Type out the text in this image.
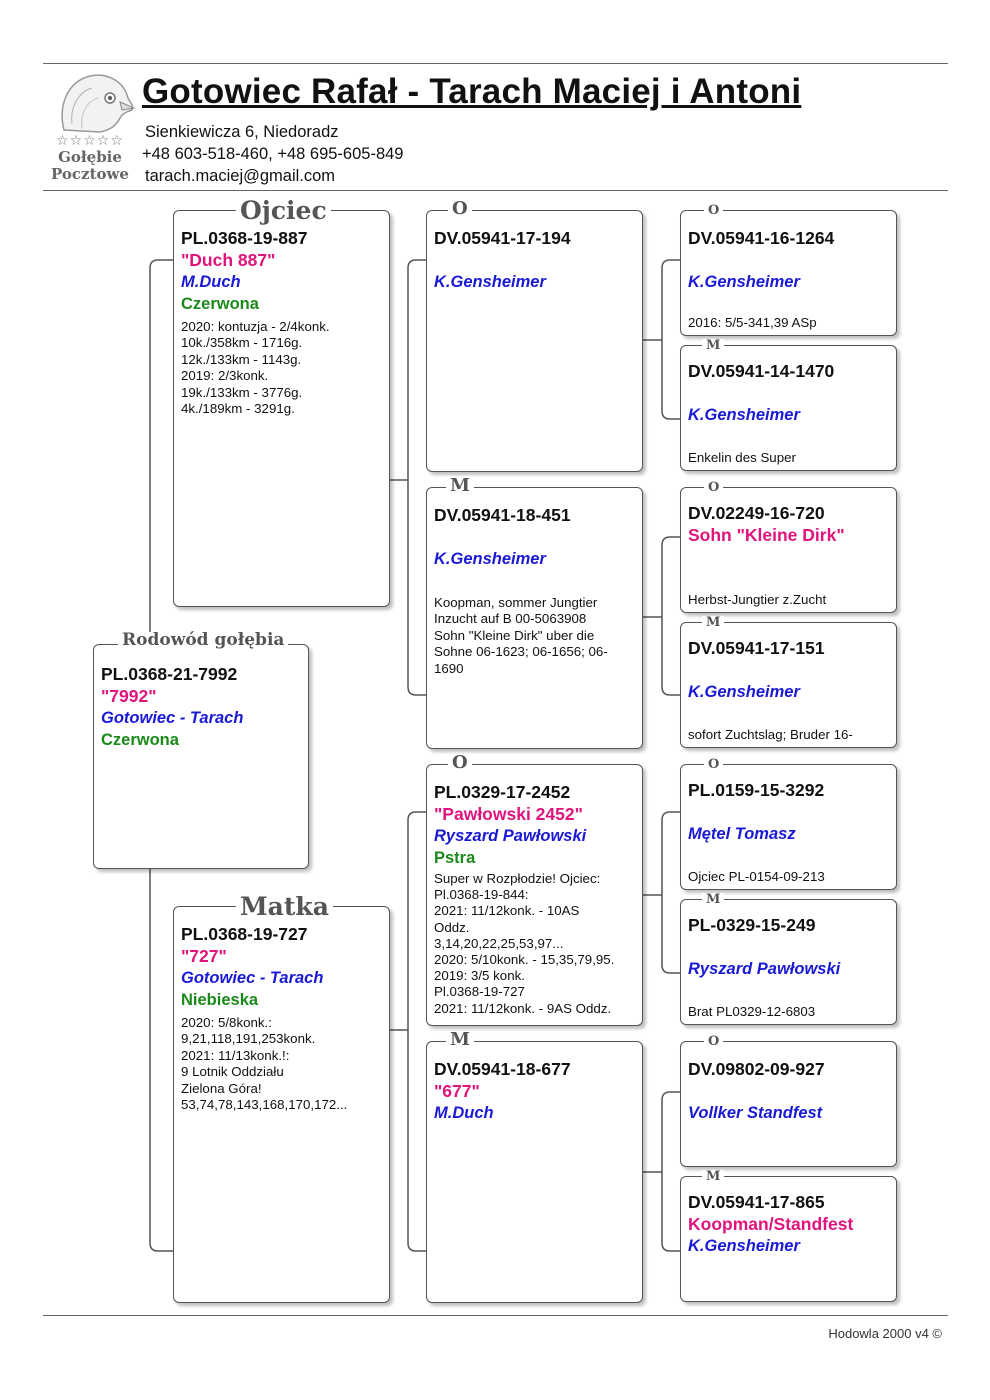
☆☆☆☆☆
Gołębie
Pocztowe
Gotowiec Rafał - Tarach Maciej i Antoni
Sienkiewicza 6, Niedoradz
+48 603-518-460, +48 695-605-849
tarach.maciej@gmail.com
PL.0368-21-7992
"7992"
Gotowiec - Tarach
Czerwona
Rodowód gołębia
PL.0368-19-887
"Duch 887"
M.Duch
Czerwona
2020: kontuzja - 2/4konk.
10k./358km - 1716g.
12k./133km - 1143g.
2019: 2/3konk.
19k./133km - 3776g.
4k./189km - 3291g.
Ojciec
PL.0368-19-727
"727"
Gotowiec - Tarach
Niebieska
2020: 5/8konk.:
9,21,118,191,253konk.
2021: 11/13konk.!:
9 Lotnik Oddziału
Zielona Góra!
53,74,78,143,168,170,172...
Matka
DV.05941-17-194
K.Gensheimer
O
DV.05941-18-451
K.Gensheimer
Koopman, sommer Jungtier
Inzucht auf B 00-5063908
Sohn "Kleine Dirk" uber die
Sohne 06-1623; 06-1656; 06-
1690
M
PL.0329-17-2452
"Pawłowski 2452"
Ryszard Pawłowski
Pstra
Super w Rozpłodzie! Ojciec:
Pl.0368-19-844:
2021: 11/12konk. - 10AS
Oddz.
3,14,20,22,25,53,97...
2020: 5/10konk. - 15,35,79,95.
2019: 3/5 konk.
Pl.0368-19-727
2021: 11/12konk. - 9AS Oddz.
O
DV.05941-18-677
"677"
M.Duch
M
DV.05941-16-1264
K.Gensheimer
2016: 5/5-341,39 ASp
O
DV.05941-14-1470
K.Gensheimer
Enkelin des Super
M
DV.02249-16-720
Sohn "Kleine Dirk"
Herbst-Jungtier z.Zucht
O
DV.05941-17-151
K.Gensheimer
sofort Zuchtslag; Bruder 16-
M
PL.0159-15-3292
Mętel Tomasz
Ojciec PL-0154-09-213
O
PL-0329-15-249
Ryszard Pawłowski
Brat PL0329-12-6803
M
DV.09802-09-927
Vollker Standfest
O
DV.05941-17-865
Koopman/Standfest
K.Gensheimer
M
Hodowla 2000 v4 ©
